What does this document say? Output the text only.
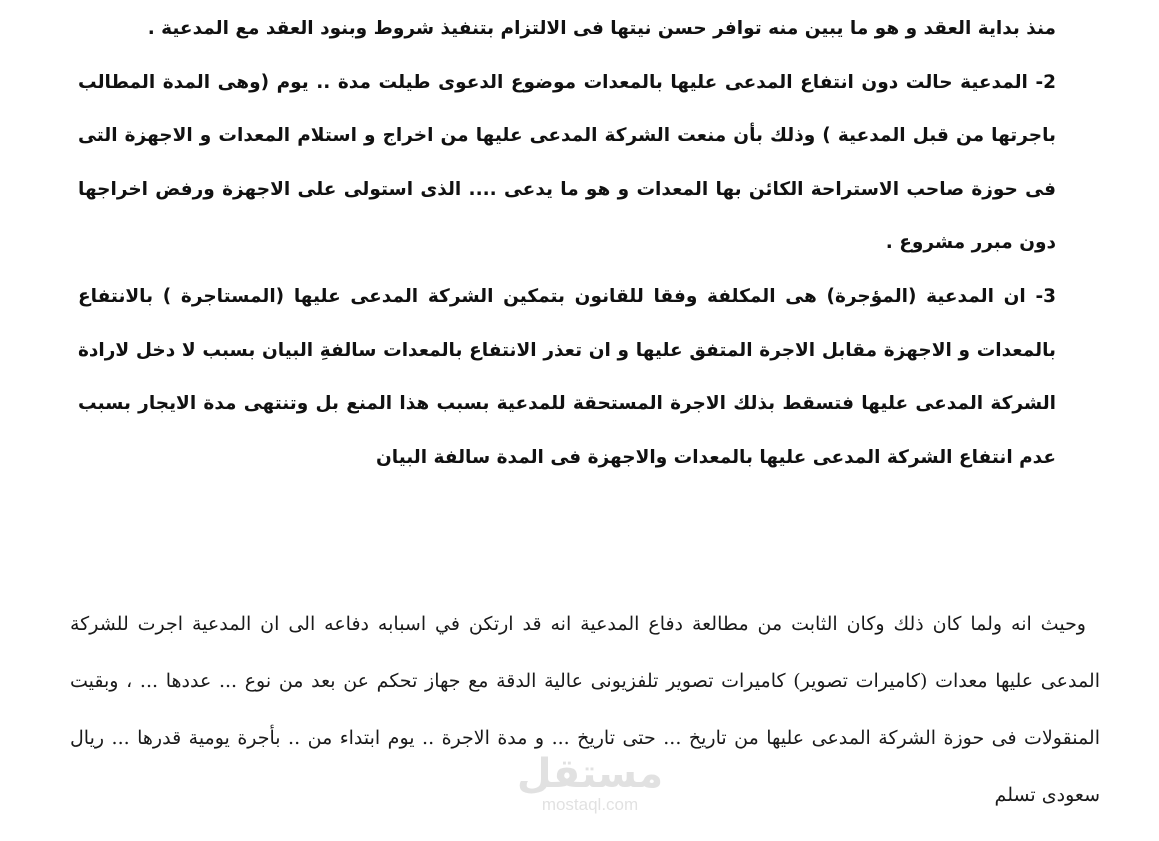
منذ بداية العقد و هو ما يبين منه توافر حسن نيتها فى الالتزام بتنفيذ شروط وبنود العقد مع المدعية .

2- المدعية حالت دون انتفاع المدعى عليها بالمعدات موضوع الدعوى طيلت مدة .. يوم (وهى المدة المطالب باجرتها من قبل المدعية ) وذلك بأن منعت الشركة المدعى عليها من اخراج و استلام المعدات و الاجهزة التى فى حوزة صاحب الاستراحة الكائن بها المعدات و هو ما يدعى .... الذى استولى على الاجهزة ورفض اخراجها دون مبرر مشروع .

3- ان المدعية (المؤجرة) هى المكلفة وفقا للقانون بتمكين الشركة المدعى عليها (المستاجرة ) بالانتفاع بالمعدات و الاجهزة مقابل الاجرة المتفق عليها و ان تعذر الانتفاع بالمعدات سالفةِ البيان بسبب لا دخل لارادة الشركة المدعى عليها فتسقط بذلك الاجرة المستحقة للمدعية بسبب هذا المنع بل وتنتهى مدة الايجار بسبب عدم انتفاع الشركة المدعى عليها بالمعدات والاجهزة فى المدة سالفة البيان

وحيث انه ولما كان ذلك وكان الثابت من مطالعة دفاع المدعية انه قد ارتكن في اسبابه دفاعه الى ان المدعية اجرت للشركة المدعى عليها معدات (كاميرات تصوير) كاميرات تصوير تلفزيونى عالية الدقة مع جهاز تحكم عن بعد من نوع ... عددها ... ، وبقيت المنقولات فى حوزة الشركة المدعى عليها من تاريخ ... حتى تاريخ ... و مدة الاجرة .. يوم ابتداء من .. بأجرة يومية قدرها ... ريال سعودى تسلم

مستقل
mostaql.com
